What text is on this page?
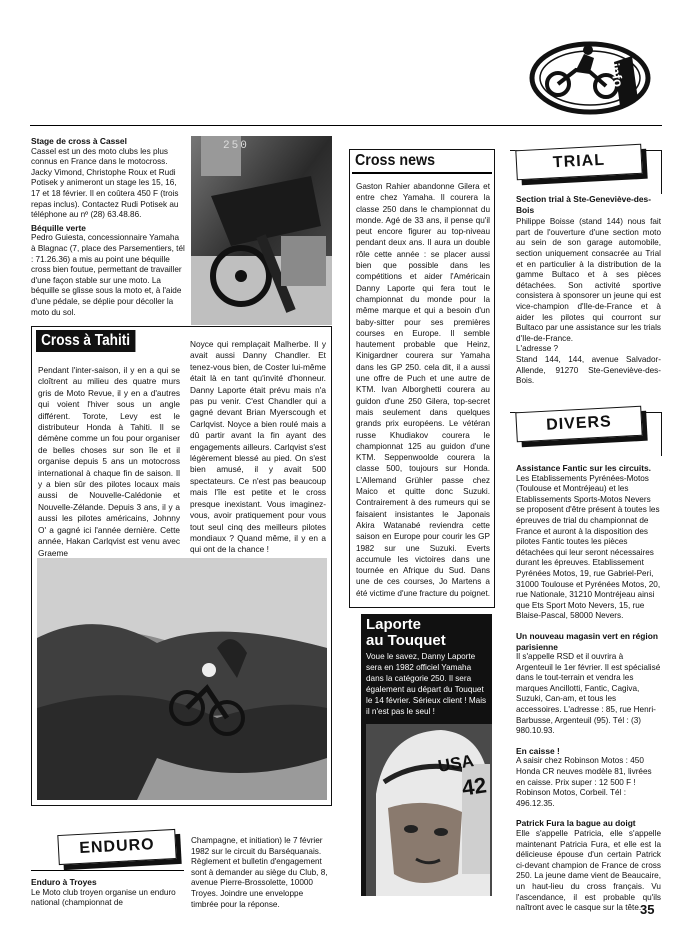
info
Stage de cross à Cassel

Cassel est un des moto clubs les plus connus en France dans le motocross. Jacky Vimond, Christophe Roux et Rudi Potisek y animeront un stage les 15, 16, 17 et 18 février. Il en coûtera 450 F (trois repas inclus). Contactez Rudi Potisek au téléphone au nº (28) 63.48.86.

Béquille verte

Pedro Guiesta, concessionnaire Yamaha à Blagnac (7, place des Parsementiers, tél : 71.26.36) a mis au point une béquille cross bien foutue, permettant de travailler d'une façon stable sur une moto. La béquille se glisse sous la moto et, à l'aide d'une pédale, se déplie pour décoller la moto du sol.

250
Cross à Tahiti

Pendant l'inter-saison, il y en a qui se cloîtrent au milieu des quatre murs gris de Moto Revue, il y en a d'autres qui voient l'hiver sous un angle différent. Torote, Levy est le distributeur Honda à Tahiti. Il se démène comme un fou pour organiser de belles choses sur son île et il organise depuis 5 ans un motocross international à chaque fin de saison. Il y a bien sûr des pilotes locaux mais aussi de Nouvelle-Calédonie et Nouvelle-Zélande. Depuis 3 ans, il y a aussi les pilotes américains, Johnny O' a gagné ici l'année dernière. Cette année, Hakan Carlqvist est venu avec Graeme

Noyce qui remplaçait Malherbe. Il y avait aussi Danny Chandler. Et tenez-vous bien, de Coster lui-même était là en tant qu'invité d'honneur. Danny Laporte était prévu mais n'a pas pu venir. C'est Chandler qui a gagné devant Brian Myerscough et Carlqvist. Noyce a bien roulé mais a dû partir avant la fin ayant des engagements ailleurs. Carlqvist s'est légèrement blessé au pied. On s'est bien amusé, il y avait 500 spectateurs. Ce n'est pas beaucoup mais l'île est petite et le cross presque inexistant. Vous imaginez-vous, avoir pratiquement pour vous tout seul cinq des meilleurs pilotes mondiaux ? Quand même, il y en a qui ont de la chance !

ENDURO
Enduro à Troyes

Le Moto club troyen organise un enduro national (championnat de

Champagne, et initiation) le 7 février 1982 sur le circuit du Barséquanais. Règlement et bulletin d'engagement sont à demander au siège du Club, 8, avenue Pierre-Brossolette, 10000 Troyes. Joindre une enveloppe timbrée pour la réponse.

Cross news

Gaston Rahier abandonne Gilera et entre chez Yamaha. Il courera la classe 250 dans le championnat du monde. Agé de 33 ans, il pense qu'il peut encore figurer au top-niveau pendant deux ans. Il aura un double rôle cette année : se placer aussi bien que possible dans les compétitions et aider l'Américain Danny Laporte qui fera tout le championnat du monde pour la même marque et qui a besoin d'un baby-sitter pour ses premières courses en Europe. Il semble hautement probable que Heinz, Kinigardner courera sur Yamaha dans les GP 250. cela dit, il a aussi une offre de Puch et une autre de KTM. Ivan Alborghetti courera au guidon d'une 250 Gilera, top-secret mais seulement dans quelques grands prix européens. Le vétéran russe Khudiakov courera le championnat 125 au guidon d'une KTM. Seppenwoolde courera la classe 500, toujours sur Honda. L'Allemand Grühler passe chez Maico et quitte donc Suzuki. Contrairement à des rumeurs qui se faisaient insistantes le Japonais Akira Watanabé reviendra cette saison en Europe pour courir les GP 1982 sur une Suzuki. Everts accumule les victoires dans une tournée en Afrique du Sud. Dans une de ces courses, Jo Martens a été victime d'une fracture du poignet.

Laporte
au Touquet

Voue le savez, Danny Laporte sera en 1982 officiel Yamaha dans la catégorie 250. Il sera également au départ du Touquet le 14 février. Sérieux client ! Mais il n'est pas le seul !

USA
42
TRIAL
Section trial à Ste-Geneviève-des-Bois

Philippe Boisse (stand 144) nous fait part de l'ouverture d'une section moto au sein de son garage automobile, section uniquement consacrée au Trial et en particulier à la distribution de la gamme Bultaco et à ses pièces détachées. Son activité sportive consistera à sponsorer un jeune qui est vice-champion d'Ile-de-France et à aider les pilotes qui courront sur Bultaco par une assistance sur les trials d'Ile-de-France.

L'adresse ?

Stand 144, 144, avenue Salvador-Allende, 91270 Ste-Geneviève-des-Bois.

DIVERS
Assistance Fantic sur les circuits.

Les Etablissements Pyrénées-Motos (Toulouse et Montréjeau) et les Etablissements Sports-Motos Nevers se proposent d'être présent à toutes les épreuves de trial du championnat de France et auront à la disposition des pilotes Fantic toutes les pièces détachées qui leur seront nécessaires durant les épreuves. Etablissement Pyrénées Motos, 19, rue Gabriel-Peri, 31000 Toulouse et Pyrénées Motos, 20, rue Nationale, 31210 Montréjeau ainsi que Ets Sport Moto Nevers, 15, rue Blaise-Pascal, 58000 Nevers.

Un nouveau magasin vert en région parisienne

Il s'appelle RSD et il ouvrira à Argenteuil le 1er février. Il est spécialisé dans le tout-terrain et vendra les marques Ancillotti, Fantic, Cagiva, Suzuki, Can-am, et tous les accessoires. L'adresse : 85, rue Henri-Barbusse, Argenteuil (95). Tél : (3) 980.10.93.

En caisse !

A saisir chez Robinson Motos : 450 Honda CR neuves modèle 81, livrées en caisse. Prix super : 12 500 F ! Robinson Motos, Corbeil. Tél : 496.12.35.

Patrick Fura la bague au doigt

Elle s'appelle Patricia, elle s'appelle maintenant Patricia Fura, et elle est la délicieuse épouse d'un certain Patrick ci-devant champion de France de cross 250. La jeune dame vient de Beaucaire, un haut-lieu du cross français. Vu l'ascendance, il est probable qu'ils naîtront avec le casque sur la tête.

35
